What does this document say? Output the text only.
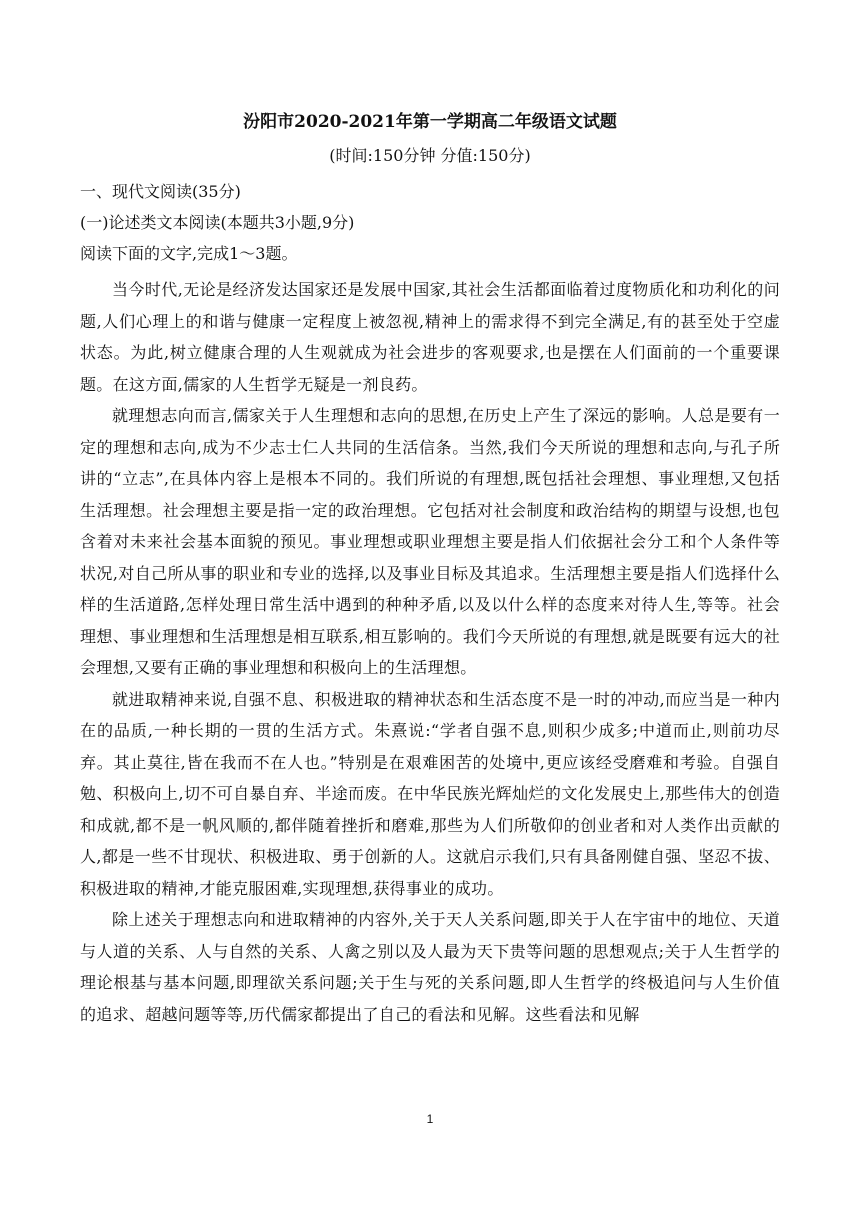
汾阳市2020-2021年第一学期高二年级语文试题
(时间:150分钟 分值:150分)
一、现代文阅读(35分)
(一)论述类文本阅读(本题共3小题,9分)
阅读下面的文字,完成1～3题。

当今时代,无论是经济发达国家还是发展中国家,其社会生活都面临着过度物质化和功利化的问题,人们心理上的和谐与健康一定程度上被忽视,精神上的需求得不到完全满足,有的甚至处于空虚状态。为此,树立健康合理的人生观就成为社会进步的客观要求,也是摆在人们面前的一个重要课题。在这方面,儒家的人生哲学无疑是一剂良药。

就理想志向而言,儒家关于人生理想和志向的思想,在历史上产生了深远的影响。人总是要有一定的理想和志向,成为不少志士仁人共同的生活信条。当然,我们今天所说的理想和志向,与孔子所讲的“立志”,在具体内容上是根本不同的。我们所说的有理想,既包括社会理想、事业理想,又包括生活理想。社会理想主要是指一定的政治理想。它包括对社会制度和政治结构的期望与设想,也包含着对未来社会基本面貌的预见。事业理想或职业理想主要是指人们依据社会分工和个人条件等状况,对自己所从事的职业和专业的选择,以及事业目标及其追求。生活理想主要是指人们选择什么样的生活道路,怎样处理日常生活中遇到的种种矛盾,以及以什么样的态度来对待人生,等等。社会理想、事业理想和生活理想是相互联系,相互影响的。我们今天所说的有理想,就是既要有远大的社会理想,又要有正确的事业理想和积极向上的生活理想。

就进取精神来说,自强不息、积极进取的精神状态和生活态度不是一时的冲动,而应当是一种内在的品质,一种长期的一贯的生活方式。朱熹说:“学者自强不息,则积少成多;中道而止,则前功尽弃。其止莫往,皆在我而不在人也。”特别是在艰难困苦的处境中,更应该经受磨难和考验。自强自勉、积极向上,切不可自暴自弃、半途而废。在中华民族光辉灿烂的文化发展史上,那些伟大的创造和成就,都不是一帆风顺的,都伴随着挫折和磨难,那些为人们所敬仰的创业者和对人类作出贡献的人,都是一些不甘现状、积极进取、勇于创新的人。这就启示我们,只有具备刚健自强、坚忍不拔、积极进取的精神,才能克服困难,实现理想,获得事业的成功。

除上述关于理想志向和进取精神的内容外,关于天人关系问题,即关于人在宇宙中的地位、天道与人道的关系、人与自然的关系、人禽之别以及人最为天下贵等问题的思想观点;关于人生哲学的理论根基与基本问题,即理欲关系问题;关于生与死的关系问题,即人生哲学的终极追问与人生价值的追求、超越问题等等,历代儒家都提出了自己的看法和见解。这些看法和见解

1
